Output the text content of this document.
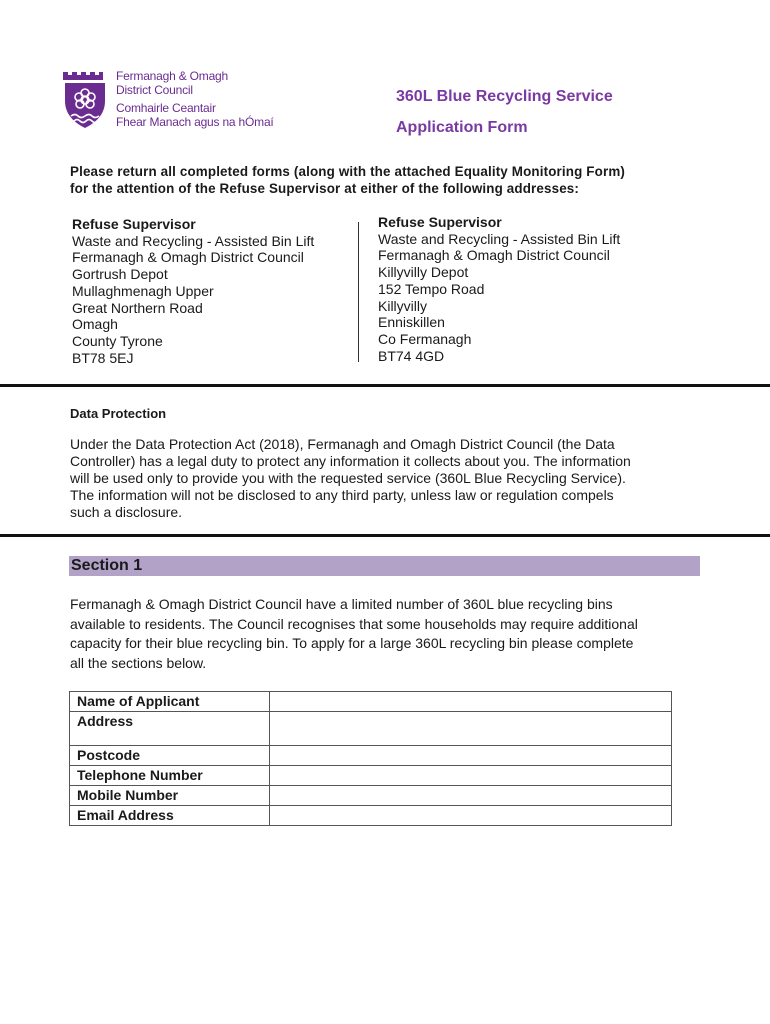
Fermanagh & Omagh
District Council
Comhairle Ceantair
Fhear Manach agus na hÓmaí
360L Blue Recycling Service
Application Form
Please return all completed forms (along with the attached Equality Monitoring Form)
for the attention of the Refuse Supervisor at either of the following addresses:
Refuse Supervisor
Waste and Recycling - Assisted Bin Lift
Fermanagh & Omagh District Council
Gortrush Depot
Mullaghmenagh Upper
Great Northern Road
Omagh
County Tyrone
BT78 5EJ
Refuse Supervisor
Waste and Recycling - Assisted Bin Lift
Fermanagh & Omagh District Council
Killyvilly Depot
152 Tempo Road
Killyvilly
Enniskillen
Co Fermanagh
BT74 4GD
Data Protection
Under the Data Protection Act (2018), Fermanagh and Omagh District Council (the Data
Controller) has a legal duty to protect any information it collects about you. The information
will be used only to provide you with the requested service (360L Blue Recycling Service).
The information will not be disclosed to any third party, unless law or regulation compels
such a disclosure.
Section 1
Fermanagh & Omagh District Council have a limited number of 360L blue recycling bins
available to residents. The Council recognises that some households may require additional
capacity for their blue recycling bin. To apply for a large 360L recycling bin please complete
all the sections below.
Name of Applicant	
Address	
Postcode	
Telephone Number	
Mobile Number	
Email Address	
